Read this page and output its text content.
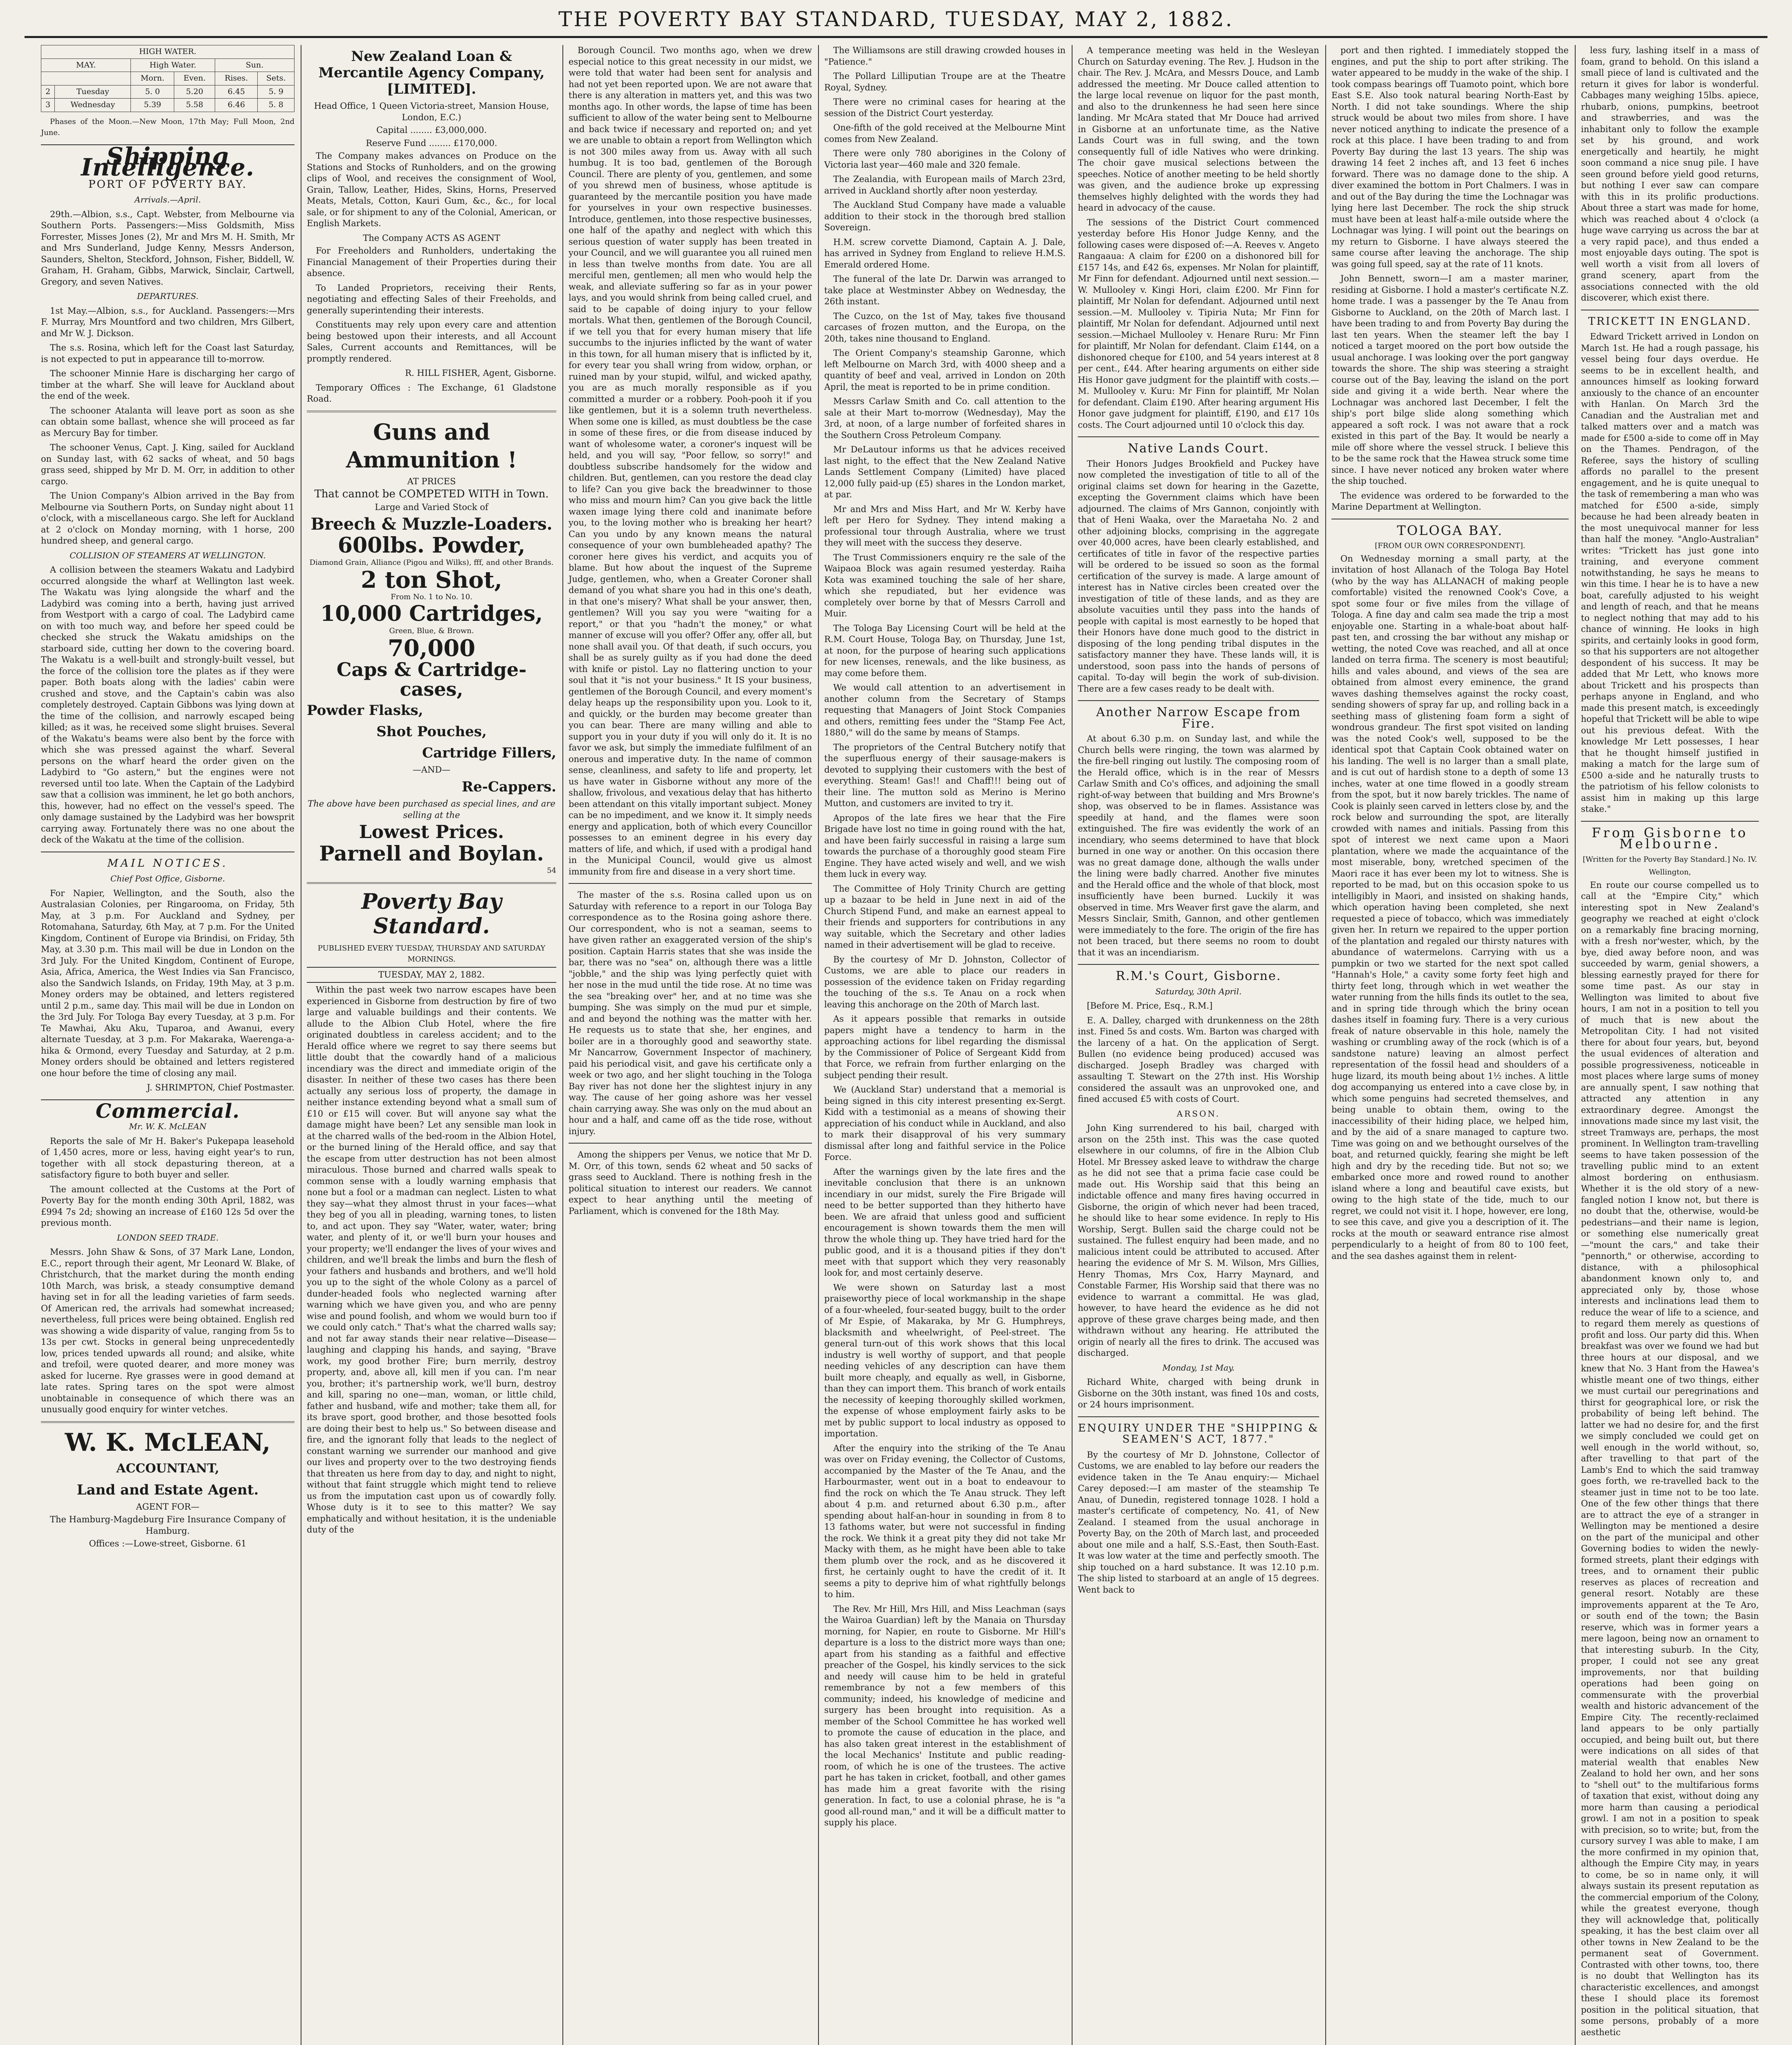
THE POVERTY BAY STANDARD, TUESDAY, MAY 2, 1882.
HIGH WATER.					
MAY.		High Water.		Sun.	
		Morn.	Even.	Rises.	Sets.
2	Tuesday	5. 0	5.20	6.45	5. 9
3	Wednesday	5.39	5.58	6.46	5. 8

Phases of the Moon.—New Moon, 17th May; Full Moon, 2nd June.

Shipping Intelligence.
PORT OF POVERTY BAY.
Arrivals.—April.

29th.—Albion, s.s., Capt. Webster, from Melbourne via Southern Ports. Passengers:—Miss Goldsmith, Miss Forrester, Misses Jones (2), Mr and Mrs M. H. Smith, Mr and Mrs Sunderland, Judge Kenny, Messrs Anderson, Saunders, Shelton, Steckford, Johnson, Fisher, Biddell, W. Graham, H. Graham, Gibbs, Marwick, Sinclair, Cartwell, Gregory, and seven Natives.

DEPARTURES.

1st May.—Albion, s.s., for Auckland. Passengers:—Mrs F. Murray, Mrs Mountford and two children, Mrs Gilbert, and Mr W. J. Dickson.

The s.s. Rosina, which left for the Coast last Saturday, is not expected to put in appearance till to-morrow.

The schooner Minnie Hare is discharging her cargo of timber at the wharf. She will leave for Auckland about the end of the week.

The schooner Atalanta will leave port as soon as she can obtain some ballast, whence she will proceed as far as Mercury Bay for timber.

The schooner Venus, Capt. J. King, sailed for Auckland on Sunday last, with 62 sacks of wheat, and 50 bags grass seed, shipped by Mr D. M. Orr, in addition to other cargo.

The Union Company's Albion arrived in the Bay from Melbourne via Southern Ports, on Sunday night about 11 o'clock, with a miscellaneous cargo. She left for Auckland at 2 o'clock on Monday morning, with 1 horse, 200 hundred sheep, and general cargo.

COLLISION OF STEAMERS AT WELLINGTON.

A collision between the steamers Wakatu and Ladybird occurred alongside the wharf at Wellington last week. The Wakatu was lying alongside the wharf and the Ladybird was coming into a berth, having just arrived from Westport with a cargo of coal. The Ladybird came on with too much way, and before her speed could be checked she struck the Wakatu amidships on the starboard side, cutting her down to the covering board. The Wakatu is a well-built and strongly-built vessel, but the force of the collision tore the plates as if they were paper. Both boats along with the ladies' cabin were crushed and stove, and the Captain's cabin was also completely destroyed. Captain Gibbons was lying down at the time of the collision, and narrowly escaped being killed; as it was, he received some slight bruises. Several of the Wakatu's beams were also bent by the force with which she was pressed against the wharf. Several persons on the wharf heard the order given on the Ladybird to "Go astern," but the engines were not reversed until too late. When the Captain of the Ladybird saw that a collision was imminent, he let go both anchors, this, however, had no effect on the vessel's speed. The only damage sustained by the Ladybird was her bowsprit carrying away. Fortunately there was no one about the deck of the Wakatu at the time of the collision.

MAIL NOTICES.
Chief Post Office, Gisborne.

For Napier, Wellington, and the South, also the Australasian Colonies, per Ringarooma, on Friday, 5th May, at 3 p.m. For Auckland and Sydney, per Rotomahana, Saturday, 6th May, at 7 p.m. For the United Kingdom, Continent of Europe via Brindisi, on Friday, 5th May, at 3.30 p.m. This mail will be due in London on the 3rd July. For the United Kingdom, Continent of Europe, Asia, Africa, America, the West Indies via San Francisco, also the Sandwich Islands, on Friday, 19th May, at 3 p.m. Money orders may be obtained, and letters registered until 2 p.m., same day. This mail will be due in London on the 3rd July. For Tologa Bay every Tuesday, at 3 p.m. For Te Mawhai, Aku Aku, Tuparoa, and Awanui, every alternate Tuesday, at 3 p.m. For Makaraka, Waerenga-a-hika & Ormond, every Tuesday and Saturday, at 2 p.m. Money orders should be obtained and letters registered one hour before the time of closing any mail.

J. SHRIMPTON, Chief Postmaster.

Commercial.
Mr. W. K. McLEAN

Reports the sale of Mr H. Baker's Pukepapa leasehold of 1,450 acres, more or less, having eight year's to run, together with all stock depasturing thereon, at a satisfactory figure to both buyer and seller.

The amount collected at the Customs at the Port of Poverty Bay for the month ending 30th April, 1882, was £994 7s 2d; showing an increase of £160 12s 5d over the previous month.

LONDON SEED TRADE.

Messrs. John Shaw & Sons, of 37 Mark Lane, London, E.C., report through their agent, Mr Leonard W. Blake, of Christchurch, that the market during the month ending 10th March, was brisk, a steady consumptive demand having set in for all the leading varieties of farm seeds. Of American red, the arrivals had somewhat increased; nevertheless, full prices were being obtained. English red was showing a wide disparity of value, ranging from 5s to 13s per cwt. Stocks in general being unprecedentedly low, prices tended upwards all round; and alsike, white and trefoil, were quoted dearer, and more money was asked for lucerne. Rye grasses were in good demand at late rates. Spring tares on the spot were almost unobtainable in consequence of which there was an unusually good enquiry for winter vetches.

W. K. McLEAN,
ACCOUNTANT,
Land and Estate Agent.

AGENT FOR—

The Hamburg-Magdeburg Fire Insurance Company of Hamburg.

Offices :—Lowe-street, Gisborne. 61

New Zealand Loan & Mercantile Agency Company, [LIMITED].

Head Office, 1 Queen Victoria-street, Mansion House, London, E.C.)

Capital ........ £3,000,000.

Reserve Fund ........ £170,000.

The Company makes advances on Produce on the Stations and Stocks of Runholders, and on the growing clips of Wool, and receives the consignment of Wool, Grain, Tallow, Leather, Hides, Skins, Horns, Preserved Meats, Metals, Cotton, Kauri Gum, &c., &c., for local sale, or for shipment to any of the Colonial, American, or English Markets.

The Company ACTS AS AGENT

For Freeholders and Runholders, undertaking the Financial Management of their Properties during their absence.

To Landed Proprietors, receiving their Rents, negotiating and effecting Sales of their Freeholds, and generally superintending their interests.

Constituents may rely upon every care and attention being bestowed upon their interests, and all Account Sales, Current accounts and Remittances, will be promptly rendered.

R. HILL FISHER, Agent, Gisborne.

Temporary Offices : The Exchange, 61 Gladstone Road.

Guns and Ammunition !

AT PRICES

That cannot be COMPETED WITH in Town.

Large and Varied Stock of

Breech & Muzzle-Loaders.
600lbs. Powder,

Diamond Grain, Alliance (Pigou and Wilks), fff, and other Brands.

2 ton Shot,

From No. 1 to No. 10.

10,000 Cartridges,

Green, Blue, & Brown.

70,000
Caps & Cartridge-cases,
Powder Flasks,
Shot Pouches,
Cartridge Fillers,

—AND—

Re-Cappers.

The above have been purchased as special lines, and are selling at the

Lowest Prices.
Parnell and Boylan.

54

Poverty Bay Standard.

PUBLISHED EVERY TUESDAY, THURSDAY AND SATURDAY MORNINGS.

TUESDAY, MAY 2, 1882.

Within the past week two narrow escapes have been experienced in Gisborne from destruction by fire of two large and valuable buildings and their contents. We allude to the Albion Club Hotel, where the fire originated doubtless in careless accident; and to the Herald office where we regret to say there seems but little doubt that the cowardly hand of a malicious incendiary was the direct and immediate origin of the disaster. In neither of these two cases has there been actually any serious loss of property, the damage in neither instance extending beyond what a small sum of £10 or £15 will cover. But will anyone say what the damage might have been? Let any sensible man look in at the charred walls of the bed-room in the Albion Hotel, or the burned lining of the Herald office, and say that the escape from utter destruction has not been almost miraculous. Those burned and charred walls speak to common sense with a loudly warning emphasis that none but a fool or a madman can neglect. Listen to what they say—what they almost thrust in your faces—what they beg of you all in pleading, warning tones, to listen to, and act upon. They say "Water, water, water; bring water, and plenty of it, or we'll burn your houses and your property; we'll endanger the lives of your wives and children, and we'll break the limbs and burn the flesh of your fathers and husbands and brothers, and we'll hold you up to the sight of the whole Colony as a parcel of dunder-headed fools who neglected warning after warning which we have given you, and who are penny wise and pound foolish, and whom we would burn too if we could only catch." That's what the charred walls say; and not far away stands their near relative—Disease—laughing and clapping his hands, and saying, "Brave work, my good brother Fire; burn merrily, destroy property, and, above all, kill men if you can. I'm near you, brother; it's partnership work, we'll burn, destroy and kill, sparing no one—man, woman, or little child, father and husband, wife and mother; take them all, for its brave sport, good brother, and those besotted fools are doing their best to help us." So between disease and fire, and the ignorant folly that leads to the neglect of constant warning we surrender our manhood and give our lives and property over to the two destroying fiends that threaten us here from day to day, and night to night, without that faint struggle which might tend to relieve us from the imputation cast upon us of cowardly folly. Whose duty is it to see to this matter? We say emphatically and without hesitation, it is the undeniable duty of the

Borough Council. Two months ago, when we drew especial notice to this great necessity in our midst, we were told that water had been sent for analysis and had not yet been reported upon. We are not aware that there is any alteration in matters yet, and this was two months ago. In other words, the lapse of time has been sufficient to allow of the water being sent to Melbourne and back twice if necessary and reported on; and yet we are unable to obtain a report from Wellington which is not 300 miles away from us. Away with all such humbug. It is too bad, gentlemen of the Borough Council. There are plenty of you, gentlemen, and some of you shrewd men of business, whose aptitude is guaranteed by the mercantile position you have made for yourselves in your own respective businesses. Introduce, gentlemen, into those respective businesses, one half of the apathy and neglect with which this serious question of water supply has been treated in your Council, and we will guarantee you all ruined men in less than twelve months from date. You are all merciful men, gentlemen; all men who would help the weak, and alleviate suffering so far as in your power lays, and you would shrink from being called cruel, and said to be capable of doing injury to your fellow mortals. What then, gentlemen of the Borough Council, if we tell you that for every human misery that life succumbs to the injuries inflicted by the want of water in this town, for all human misery that is inflicted by it, for every tear you shall wring from widow, orphan, or ruined man by your stupid, wilful, and wicked apathy, you are as much morally responsible as if you committed a murder or a robbery. Pooh-pooh it if you like gentlemen, but it is a solemn truth nevertheless. When some one is killed, as must doubtless be the case in some of these fires, or die from disease induced by want of wholesome water, a coroner's inquest will be held, and you will say, "Poor fellow, so sorry!" and doubtless subscribe handsomely for the widow and children. But, gentlemen, can you restore the dead clay to life? Can you give back the breadwinner to those who miss and mourn him? Can you give back the little waxen image lying there cold and inanimate before you, to the loving mother who is breaking her heart? Can you undo by any known means the natural consequence of your own bumbleheaded apathy? The coroner here gives his verdict, and acquits you of blame. But how about the inquest of the Supreme Judge, gentlemen, who, when a Greater Coroner shall demand of you what share you had in this one's death, in that one's misery? What shall be your answer, then, gentlemen? Will you say you were "waiting for a report," or that you "hadn't the money," or what manner of excuse will you offer? Offer any, offer all, but none shall avail you. Of that death, if such occurs, you shall be as surely guilty as if you had done the deed with knife or pistol. Lay no flattering unction to your soul that it "is not your business." It IS your business, gentlemen of the Borough Council, and every moment's delay heaps up the responsibility upon you. Look to it, and quickly, or the burden may become greater than you can bear. There are many willing and able to support you in your duty if you will only do it. It is no favor we ask, but simply the immediate fulfilment of an onerous and imperative duty. In the name of common sense, cleanliness, and safety to life and property, let us have water in Gisborne without any more of the shallow, frivolous, and vexatious delay that has hitherto been attendant on this vitally important subject. Money can be no impediment, and we know it. It simply needs energy and application, both of which every Councillor possesses to an eminent degree in his every day matters of life, and which, if used with a prodigal hand in the Municipal Council, would give us almost immunity from fire and disease in a very short time.

The master of the s.s. Rosina called upon us on Saturday with reference to a report in our Tologa Bay correspondence as to the Rosina going ashore there. Our correspondent, who is not a seaman, seems to have given rather an exaggerated version of the ship's position. Captain Harris states that she was inside the bar, there was no "sea" on, although there was a little "jobble," and the ship was lying perfectly quiet with her nose in the mud until the tide rose. At no time was the sea "breaking over" her, and at no time was she bumping. She was simply on the mud pur et simple, and and beyond the nothing was the matter with her. He requests us to state that she, her engines, and boiler are in a thoroughly good and seaworthy state. Mr Nancarrow, Government Inspector of machinery, paid his periodical visit, and gave his certificate only a week or two ago, and her slight touching in the Tologa Bay river has not done her the slightest injury in any way. The cause of her going ashore was her vessel chain carrying away. She was only on the mud about an hour and a half, and came off as the tide rose, without injury.

Among the shippers per Venus, we notice that Mr D. M. Orr, of this town, sends 62 wheat and 50 sacks of grass seed to Auckland. There is nothing fresh in the political situation to interest our readers. We cannot expect to hear anything until the meeting of Parliament, which is convened for the 18th May.

The Williamsons are still drawing crowded houses in "Patience."

The Pollard Lilliputian Troupe are at the Theatre Royal, Sydney.

There were no criminal cases for hearing at the session of the District Court yesterday.

One-fifth of the gold received at the Melbourne Mint comes from New Zealand.

There were only 780 aborigines in the Colony of Victoria last year—460 male and 320 female.

The Zealandia, with European mails of March 23rd, arrived in Auckland shortly after noon yesterday.

The Auckland Stud Company have made a valuable addition to their stock in the thorough bred stallion Sovereign.

H.M. screw corvette Diamond, Captain A. J. Dale, has arrived in Sydney from England to relieve H.M.S. Emerald ordered Home.

The funeral of the late Dr. Darwin was arranged to take place at Westminster Abbey on Wednesday, the 26th instant.

The Cuzco, on the 1st of May, takes five thousand carcases of frozen mutton, and the Europa, on the 20th, takes nine thousand to England.

The Orient Company's steamship Garonne, which left Melbourne on March 3rd, with 4000 sheep and a quantity of beef and veal, arrived in London on 20th April, the meat is reported to be in prime condition.

Messrs Carlaw Smith and Co. call attention to the sale at their Mart to-morrow (Wednesday), May the 3rd, at noon, of a large number of forfeited shares in the Southern Cross Petroleum Company.

Mr DeLautour informs us that he advices received last night, to the effect that the New Zealand Native Lands Settlement Company (Limited) have placed 12,000 fully paid-up (£5) shares in the London market, at par.

Mr and Mrs and Miss Hart, and Mr W. Kerby have left per Hero for Sydney. They intend making a professional tour through Australia, where we trust they will meet with the success they deserve.

The Trust Commissioners enquiry re the sale of the Waipaoa Block was again resumed yesterday. Raiha Kota was examined touching the sale of her share, which she repudiated, but her evidence was completely over borne by that of Messrs Carroll and Muir.

The Tologa Bay Licensing Court will be held at the R.M. Court House, Tologa Bay, on Thursday, June 1st, at noon, for the purpose of hearing such applications for new licenses, renewals, and the like business, as may come before them.

We would call attention to an advertisement in another column from the Secretary of Stamps requesting that Managers of Joint Stock Companies and others, remitting fees under the "Stamp Fee Act, 1880," will do the same by means of Stamps.

The proprietors of the Central Butchery notify that the superfluous energy of their sausage-makers is devoted to supplying their customers with the best of everything. Steam! Gas!! and Chaff!!! being out of their line. The mutton sold as Merino is Merino Mutton, and customers are invited to try it.

Apropos of the late fires we hear that the Fire Brigade have lost no time in going round with the hat, and have been fairly successful in raising a large sum towards the purchase of a thoroughly good steam Fire Engine. They have acted wisely and well, and we wish them luck in every way.

The Committee of Holy Trinity Church are getting up a bazaar to be held in June next in aid of the Church Stipend Fund, and make an earnest appeal to their friends and supporters for contributions in any way suitable, which the Secretary and other ladies named in their advertisement will be glad to receive.

By the courtesy of Mr D. Johnston, Collector of Customs, we are able to place our readers in possession of the evidence taken on Friday regarding the touching of the s.s. Te Anau on a rock when leaving this anchorage on the 20th of March last.

As it appears possible that remarks in outside papers might have a tendency to harm in the approaching actions for libel regarding the dismissal by the Commissioner of Police of Sergeant Kidd from that Force, we refrain from further enlarging on the subject pending their result.

We (Auckland Star) understand that a memorial is being signed in this city interest presenting ex-Sergt. Kidd with a testimonial as a means of showing their appreciation of his conduct while in Auckland, and also to mark their disapproval of his very summary dismissal after long and faithful service in the Police Force.

After the warnings given by the late fires and the inevitable conclusion that there is an unknown incendiary in our midst, surely the Fire Brigade will need to be better supported than they hitherto have been. We are afraid that unless good and sufficient encouragement is shown towards them the men will throw the whole thing up. They have tried hard for the public good, and it is a thousand pities if they don't meet with that support which they very reasonably look for, and most certainly deserve.

We were shown on Saturday last a most praiseworthy piece of local workmanship in the shape of a four-wheeled, four-seated buggy, built to the order of Mr Espie, of Makaraka, by Mr G. Humphreys, blacksmith and wheelwright, of Peel-street. The general turn-out of this work shows that this local industry is well worthy of support, and that people needing vehicles of any description can have them built more cheaply, and equally as well, in Gisborne, than they can import them. This branch of work entails the necessity of keeping thoroughly skilled workmen, the expense of whose employment fairly asks to be met by public support to local industry as opposed to importation.

After the enquiry into the striking of the Te Anau was over on Friday evening, the Collector of Customs, accompanied by the Master of the Te Anau, and the Harbourmaster, went out in a boat to endeavour to find the rock on which the Te Anau struck. They left about 4 p.m. and returned about 6.30 p.m., after spending about half-an-hour in sounding in from 8 to 13 fathoms water, but were not successful in finding the rock. We think it a great pity they did not take Mr Macky with them, as he might have been able to take them plumb over the rock, and as he discovered it first, he certainly ought to have the credit of it. It seems a pity to deprive him of what rightfully belongs to him.

The Rev. Mr Hill, Mrs Hill, and Miss Leachman (says the Wairoa Guardian) left by the Manaia on Thursday morning, for Napier, en route to Gisborne. Mr Hill's departure is a loss to the district more ways than one; apart from his standing as a faithful and effective preacher of the Gospel, his kindly services to the sick and needy will cause him to be held in grateful remembrance by not a few members of this community; indeed, his knowledge of medicine and surgery has been brought into requisition. As a member of the School Committee he has worked well to promote the cause of education in the place, and has also taken great interest in the establishment of the local Mechanics' Institute and public reading-room, of which he is one of the trustees. The active part he has taken in cricket, football, and other games has made him a great favorite with the rising generation. In fact, to use a colonial phrase, he is "a good all-round man," and it will be a difficult matter to supply his place.

A temperance meeting was held in the Wesleyan Church on Saturday evening. The Rev. J. Hudson in the chair. The Rev. J. McAra, and Messrs Douce, and Lamb addressed the meeting. Mr Douce called attention to the large local revenue on liquor for the past month, and also to the drunkenness he had seen here since landing. Mr McAra stated that Mr Douce had arrived in Gisborne at an unfortunate time, as the Native Lands Court was in full swing, and the town consequently full of idle Natives who were drinking. The choir gave musical selections between the speeches. Notice of another meeting to be held shortly was given, and the audience broke up expressing themselves highly delighted with the words they had heard in advocacy of the cause.

The sessions of the District Court commenced yesterday before His Honor Judge Kenny, and the following cases were disposed of:—A. Reeves v. Angeto Rangaaua: A claim for £200 on a dishonored bill for £157 14s, and £42 6s, expenses. Mr Nolan for plaintiff, Mr Finn for defendant. Adjourned until next session.—W. Mullooley v. Kingi Hori, claim £200. Mr Finn for plaintiff, Mr Nolan for defendant. Adjourned until next session.—M. Mullooley v. Tipiria Nuta; Mr Finn for plaintiff, Mr Nolan for defendant. Adjourned until next session.—Michael Mullooley v. Henare Ruru: Mr Finn for plaintiff, Mr Nolan for defendant. Claim £144, on a dishonored cheque for £100, and 54 years interest at 8 per cent., £44. After hearing arguments on either side His Honor gave judgment for the plaintiff with costs.—M. Mullooley v. Kuru: Mr Finn for plaintiff, Mr Nolan for defendant. Claim £190. After hearing argument His Honor gave judgment for plaintiff, £190, and £17 10s costs. The Court adjourned until 10 o'clock this day.

Native Lands Court.

Their Honors Judges Brookfield and Puckey have now completed the investigation of title to all of the original claims set down for hearing in the Gazette, excepting the Government claims which have been adjourned. The claims of Mrs Gannon, conjointly with that of Heni Waaka, over the Maraetaha No. 2 and other adjoining blocks, comprising in the aggregate over 40,000 acres, have been clearly established, and certificates of title in favor of the respective parties will be ordered to be issued so soon as the formal certification of the survey is made. A large amount of interest has in Native circles been created over the investigation of title of these lands, and as they are absolute vacuities until they pass into the hands of people with capital is most earnestly to be hoped that their Honors have done much good to the district in disposing of the long pending tribal disputes in the satisfactory manner they have. These lands will, it is understood, soon pass into the hands of persons of capital. To-day will begin the work of sub-division. There are a few cases ready to be dealt with.

Another Narrow Escape from Fire.

At about 6.30 p.m. on Sunday last, and while the Church bells were ringing, the town was alarmed by the fire-bell ringing out lustily. The composing room of the Herald office, which is in the rear of Messrs Carlaw Smith and Co's offices, and adjoining the small right-of-way between that building and Mrs Browne's shop, was observed to be in flames. Assistance was speedily at hand, and the flames were soon extinguished. The fire was evidently the work of an incendiary, who seems determined to have that block burned in one way or another. On this occasion there was no great damage done, although the walls under the lining were badly charred. Another five minutes and the Herald office and the whole of that block, most insufficiently have been burned. Luckily it was observed in time. Mrs Weaver first gave the alarm, and Messrs Sinclair, Smith, Gannon, and other gentlemen were immediately to the fore. The origin of the fire has not been traced, but there seems no room to doubt that it was an incendiarism.

R.M.'s Court, Gisborne.
Saturday, 30th April.

[Before M. Price, Esq., R.M.]

E. A. Dalley, charged with drunkenness on the 28th inst. Fined 5s and costs. Wm. Barton was charged with the larceny of a hat. On the application of Sergt. Bullen (no evidence being produced) accused was discharged. Joseph Bradley was charged with assaulting T. Stewart on the 27th inst. His Worship considered the assault was an unprovoked one, and fined accused £5 with costs of Court.

ARSON.

John King surrendered to his bail, charged with arson on the 25th inst. This was the case quoted elsewhere in our columns, of fire in the Albion Club Hotel. Mr Bressey asked leave to withdraw the charge as he did not see that a prima facie case could be made out. His Worship said that this being an indictable offence and many fires having occurred in Gisborne, the origin of which never had been traced, he should like to hear some evidence. In reply to His Worship, Sergt. Bullen said the charge could not be sustained. The fullest enquiry had been made, and no malicious intent could be attributed to accused. After hearing the evidence of Mr S. M. Wilson, Mrs Gillies, Henry Thomas, Mrs Cox, Harry Maynard, and Constable Farmer, His Worship said that there was no evidence to warrant a committal. He was glad, however, to have heard the evidence as he did not approve of these grave charges being made, and then withdrawn without any hearing. He attributed the origin of nearly all the fires to drink. The accused was discharged.

Monday, 1st May.

Richard White, charged with being drunk in Gisborne on the 30th instant, was fined 10s and costs, or 24 hours imprisonment.

ENQUIRY UNDER THE "SHIPPING & SEAMEN'S ACT, 1877."

By the courtesy of Mr D. Johnstone, Collector of Customs, we are enabled to lay before our readers the evidence taken in the Te Anau enquiry:— Michael Carey deposed:—I am master of the steamship Te Anau, of Dunedin, registered tonnage 1028. I hold a master's certificate of competency, No. 41, of New Zealand. I steamed from the usual anchorage in Poverty Bay, on the 20th of March last, and proceeded about one mile and a half, S.S.-East, then South-East. It was low water at the time and perfectly smooth. The ship touched on a hard substance. It was 12.10 p.m. The ship listed to starboard at an angle of 15 degrees. Went back to

port and then righted. I immediately stopped the engines, and put the ship to port after striking. The water appeared to be muddy in the wake of the ship. I took compass bearings off Tuamoto point, which bore East S.E. Also took natural bearing North-East by North. I did not take soundings. Where the ship struck would be about two miles from shore. I have never noticed anything to indicate the presence of a rock at this place. I have been trading to and from Poverty Bay during the last 13 years. The ship was drawing 14 feet 2 inches aft, and 13 feet 6 inches forward. There was no damage done to the ship. A diver examined the bottom in Port Chalmers. I was in and out of the Bay during the time the Lochnagar was lying here last December. The rock the ship struck must have been at least half-a-mile outside where the Lochnagar was lying. I will point out the bearings on my return to Gisborne. I have always steered the same course after leaving the anchorage. The ship was going full speed, say at the rate of 11 knots.

John Bennett, sworn—I am a master mariner, residing at Gisborne. I hold a master's certificate N.Z. home trade. I was a passenger by the Te Anau from Gisborne to Auckland, on the 20th of March last. I have been trading to and from Poverty Bay during the last ten years. When the steamer left the bay I noticed a target moored on the port bow outside the usual anchorage. I was looking over the port gangway towards the shore. The ship was steering a straight course out of the Bay, leaving the island on the port side and giving it a wide berth. Near where the Lochnagar was anchored last December, I felt the ship's port bilge slide along something which appeared a soft rock. I was not aware that a rock existed in this part of the Bay. It would be nearly a mile off shore where the vessel struck. I believe this to be the same rock that the Hawea struck some time since. I have never noticed any broken water where the ship touched.

The evidence was ordered to be forwarded to the Marine Department at Wellington.

TOLOGA BAY.

[FROM OUR OWN CORRESPONDENT].

On Wednesday morning a small party, at the invitation of host Allanach of the Tologa Bay Hotel (who by the way has ALLANACH of making people comfortable) visited the renowned Cook's Cove, a spot some four or five miles from the village of Tologa. A fine day and calm sea made the trip a most enjoyable one. Starting in a whale-boat about half-past ten, and crossing the bar without any mishap or wetting, the noted Cove was reached, and all at once landed on terra firma. The scenery is most beautiful; hills and vales abound, and views of the sea are obtained from almost every eminence, the grand waves dashing themselves against the rocky coast, sending showers of spray far up, and rolling back in a seething mass of glistening foam form a sight of wondrous grandeur. The first spot visited on landing was the noted Cook's well, supposed to be the identical spot that Captain Cook obtained water on his landing. The well is no larger than a small plate, and is cut out of hardish stone to a depth of some 13 inches, water at one time flowed in a goodly stream from the spot, but it now barely trickles. The name of Cook is plainly seen carved in letters close by, and the rock below and surrounding the spot, are literally crowded with names and initials. Passing from this spot of interest we next came upon a Maori plantation, where we made the acquaintance of the most miserable, bony, wretched specimen of the Maori race it has ever been my lot to witness. She is reported to be mad, but on this occasion spoke to us intelligibly in Maori, and insisted on shaking hands, which operation having been completed, she next requested a piece of tobacco, which was immediately given her. In return we repaired to the upper portion of the plantation and regaled our thirsty natures with abundance of watermelons. Carrying with us a pumpkin or two we started for the next spot called "Hannah's Hole," a cavity some forty feet high and thirty feet long, through which in wet weather the water running from the hills finds its outlet to the sea, and in spring tide through which the briny ocean dashes itself in foaming fury. There is a very curious freak of nature observable in this hole, namely the washing or crumbling away of the rock (which is of a sandstone nature) leaving an almost perfect representation of the fossil head and shoulders of a huge lizard, its mouth being about 1½ inches. A little dog accompanying us entered into a cave close by, in which some penguins had secreted themselves, and being unable to obtain them, owing to the inaccessibility of their hiding place, we helped him, and by the aid of a snare managed to capture two. Time was going on and we bethought ourselves of the boat, and returned quickly, fearing she might be left high and dry by the receding tide. But not so; we embarked once more and rowed round to another island where a long and beautiful cave exists, but owing to the high state of the tide, much to our regret, we could not visit it. I hope, however, ere long, to see this cave, and give you a description of it. The rocks at the mouth or seaward entrance rise almost perpendicularly to a height of from 80 to 100 feet, and the sea dashes against them in relent-

less fury, lashing itself in a mass of foam, grand to behold. On this island a small piece of land is cultivated and the return it gives for labor is wonderful. Cabbages many weighing 15lbs. apiece, rhubarb, onions, pumpkins, beetroot and strawberries, and was the inhabitant only to follow the example set by his ground, and work energetically and heartily, he might soon command a nice snug pile. I have seen ground before yield good returns, but nothing I ever saw can compare with this in its prolific productions. About three a start was made for home, which was reached about 4 o'clock (a huge wave carrying us across the bar at a very rapid pace), and thus ended a most enjoyable days outing. The spot is well worth a visit from all lovers of grand scenery, apart from the associations connected with the old discoverer, which exist there.

TRICKETT IN ENGLAND.

Edward Trickett arrived in London on March 1st. He had a rough passage, his vessel being four days overdue. He seems to be in excellent health, and announces himself as looking forward anxiously to the chance of an encounter with Hanlan. On March 3rd the Canadian and the Australian met and talked matters over and a match was made for £500 a-side to come off in May on the Thames. Pendragon, of the Referee, says the history of sculling affords no parallel to the present engagement, and he is quite unequal to the task of remembering a man who was matched for £500 a-side, simply because he had been already beaten in the most unequivocal manner for less than half the money. "Anglo-Australian" writes: "Trickett has just gone into training, and everyone comment notwithstanding, he says he means to win this time. I hear he is to have a new boat, carefully adjusted to his weight and length of reach, and that he means to neglect nothing that may add to his chance of winning. He looks in high spirits, and certainly looks in good form, so that his supporters are not altogether despondent of his success. It may be added that Mr Lett, who knows more about Trickett and his prospects than perhaps anyone in England, and who made this present match, is exceedingly hopeful that Trickett will be able to wipe out his previous defeat. With the knowledge Mr Lett possesses, I hear that he thought himself justified in making a match for the large sum of £500 a-side and he naturally trusts to the patriotism of his fellow colonists to assist him in making up this large stake."

From Gisborne to Melbourne.

[Written for the Poverty Bay Standard.] No. IV.

Wellington,

En route our course compelled us to call at the "Empire City," which interesting spot in New Zealand's geography we reached at eight o'clock on a remarkably fine bracing morning, with a fresh nor'wester, which, by the bye, died away before noon, and was succeeded by warm, genial showers, a blessing earnestly prayed for there for some time past. As our stay in Wellington was limited to about five hours, I am not in a position to tell you of much that is new about the Metropolitan City. I had not visited there for about four years, but, beyond the usual evidences of alteration and possible progressiveness, noticeable in most places where large sums of money are annually spent, I saw nothing that attracted any attention in any extraordinary degree. Amongst the innovations made since my last visit, the street Tramways are, perhaps, the most prominent. In Wellington tram-travelling seems to have taken possession of the travelling public mind to an extent almost bordering on enthusiasm. Whether it is the old story of a new-fangled notion I know not, but there is no doubt that the, otherwise, would-be pedestrians—and their name is legion, or something else numerically great—"mount the cars," and take their "pennorth," or otherwise, according to distance, with a philosophical abandonment known only to, and appreciated only by, those whose interests and inclinations lead them to reduce the wear of life to a science, and to regard them merely as questions of profit and loss. Our party did this. When breakfast was over we found we had but three hours at our disposal, and we knew that No. 3 Hant from the Hawea's whistle meant one of two things, either we must curtail our peregrinations and thirst for geographical lore, or risk the probability of being left behind. The latter we had no desire for, and the first we simply concluded we could get on well enough in the world without, so, after travelling to that part of the Lamb's End to which the said tramway goes forth, we re-travelled back to the steamer just in time not to be too late. One of the few other things that there are to attract the eye of a stranger in Wellington may be mentioned a desire on the part of the municipal and other Governing bodies to widen the newly-formed streets, plant their edgings with trees, and to ornament their public reserves as places of recreation and general resort. Notably are these improvements apparent at the Te Aro, or south end of the town; the Basin reserve, which was in former years a mere lagoon, being now an ornament to that interesting suburb. In the City, proper, I could not see any great improvements, nor that building operations had been going on commensurate with the proverbial wealth and historic advancement of the Empire City. The recently-reclaimed land appears to be only partially occupied, and being built out, but there were indications on all sides of that material wealth that enables New Zealand to hold her own, and her sons to "shell out" to the multifarious forms of taxation that exist, without doing any more harm than causing a periodical growl. I am not in a position to speak with precision, so to write; but, from the cursory survey I was able to make, I am the more confirmed in my opinion that, although the Empire City may, in years to come, be so in name only, it will always sustain its present reputation as the commercial emporium of the Colony, while the greatest everyone, though they will acknowledge that, politically speaking, it has the best claim over all other towns in New Zealand to be the permanent seat of Government. Contrasted with other towns, too, there is no doubt that Wellington has its characteristic excellences, and amongst these I should place its foremost position in the political situation, that some persons, probably of a more aesthetic
